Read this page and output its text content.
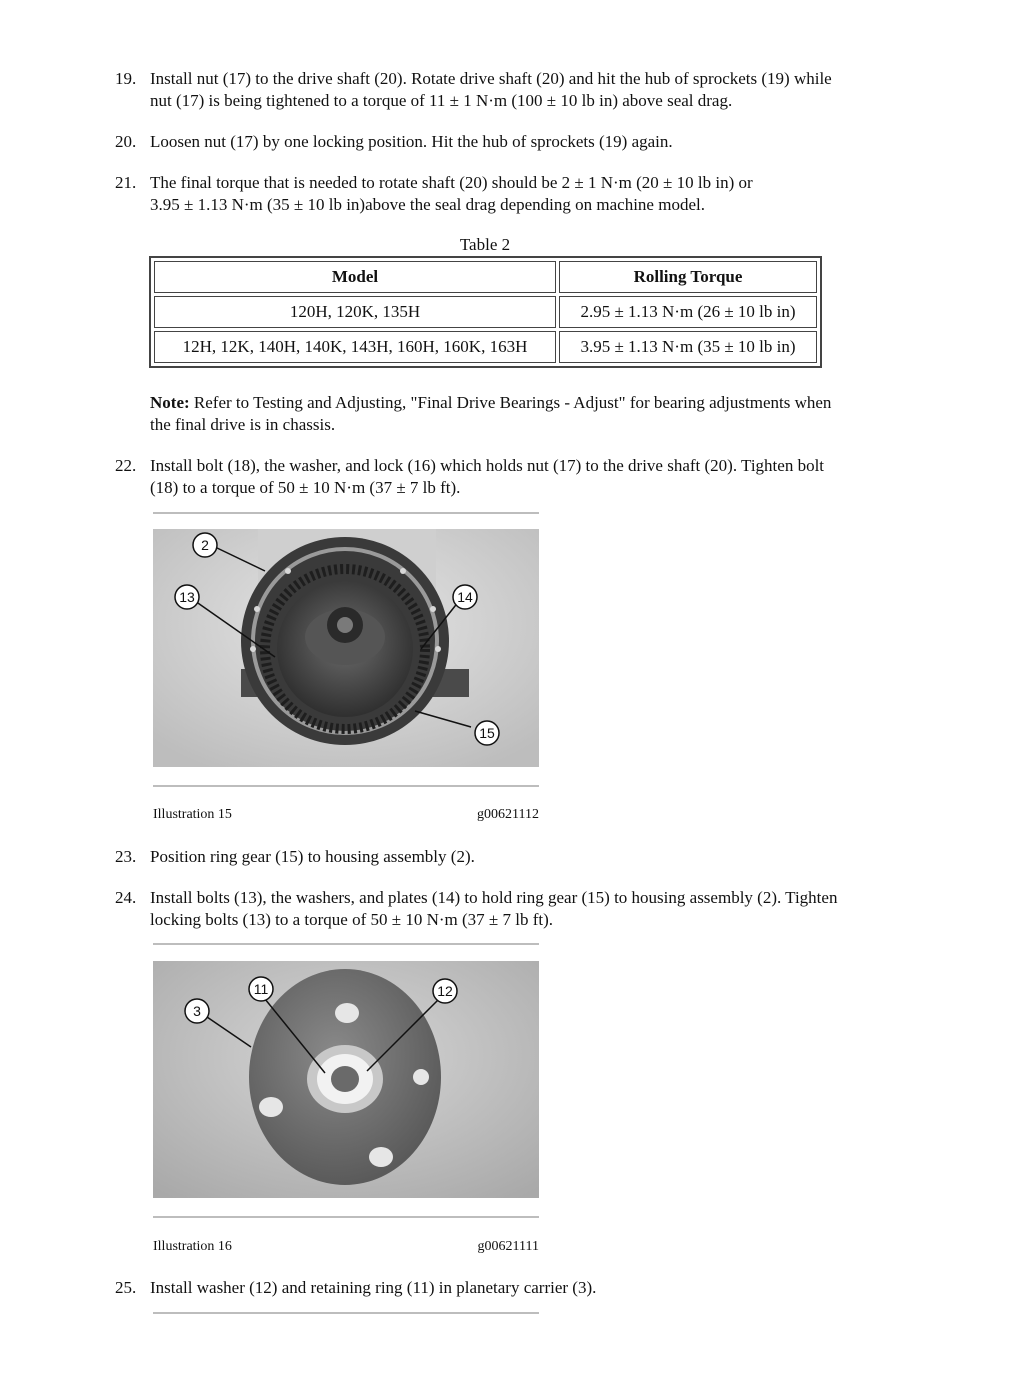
19. Install nut (17) to the drive shaft (20). Rotate drive shaft (20) and hit the hub of sprockets (19) while
nut (17) is being tightened to a torque of 11 ± 1 N·m (100 ± 10 lb in) above seal drag.
20. Loosen nut (17) by one locking position. Hit the hub of sprockets (19) again.
21. The final torque that is needed to rotate shaft (20) should be 2 ± 1 N·m (20 ± 10 lb in) or
3.95 ± 1.13 N·m (35 ± 10 lb in)above the seal drag depending on machine model.
Table 2
Model	Rolling Torque
120H, 120K, 135H	2.95 ± 1.13 N·m (26 ± 10 lb in)
12H, 12K, 140H, 140K, 143H, 160H, 160K, 163H	3.95 ± 1.13 N·m (35 ± 10 lb in)
Note: Refer to Testing and Adjusting, "Final Drive Bearings - Adjust" for bearing adjustments when
the final drive is in chassis.
22. Install bolt (18), the washer, and lock (16) which holds nut (17) to the drive shaft (20). Tighten bolt
(18) to a torque of 50 ± 10 N·m (37 ± 7 lb ft).
2
13	14
15
Illustration 15	g00621112
23. Position ring gear (15) to housing assembly (2).
24. Install bolts (13), the washers, and plates (14) to hold ring gear (15) to housing assembly (2). Tighten
locking bolts (13) to a torque of 50 ± 10 N·m (37 ± 7 lb ft).
11	12
3
Illustration 16	g00621111
25. Install washer (12) and retaining ring (11) in planetary carrier (3).
